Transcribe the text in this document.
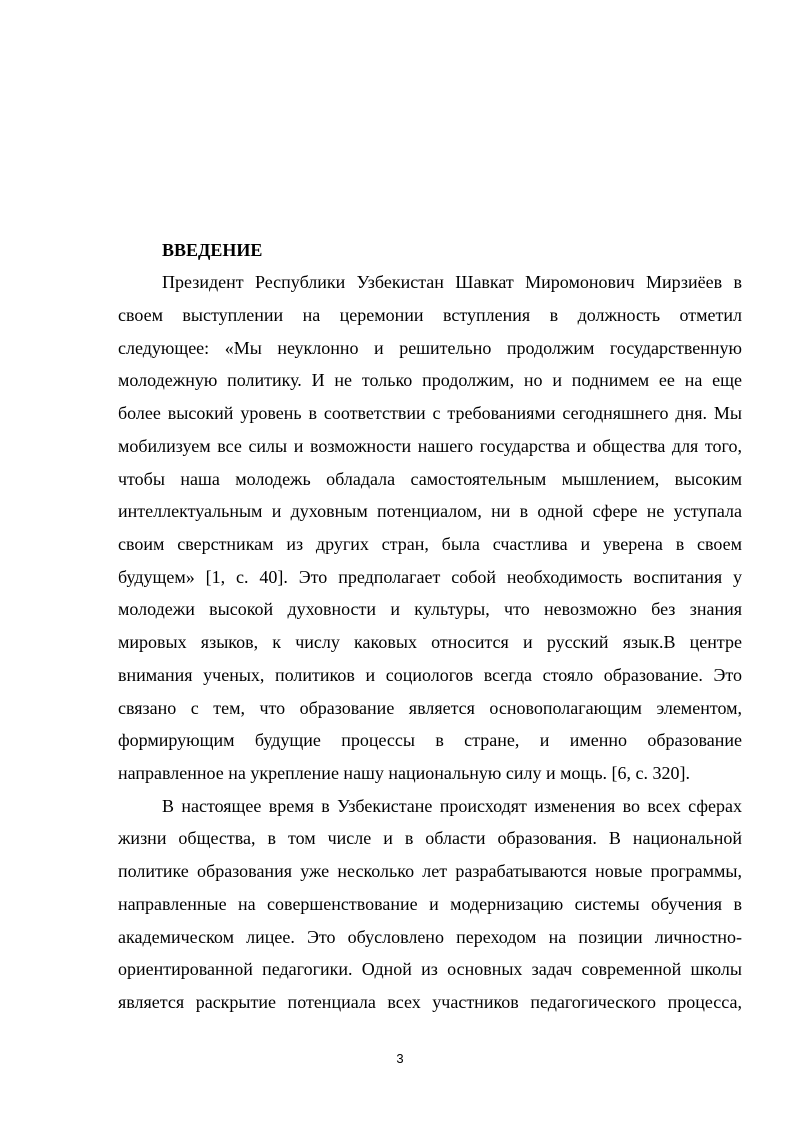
ВВЕДЕНИЕ

Президент Республики Узбекистан Шавкат Миромонович Мирзиёев в

своем выступлении на церемонии вступления в должность отметил

следующее: «Мы неуклонно и решительно продолжим государственную

молодежную политику. И не только продолжим, но и поднимем ее на еще

более высокий уровень в соответствии с требованиями сегодняшнего дня. Мы

мобилизуем все силы и возможности нашего государства и общества для того,

чтобы наша молодежь обладала самостоятельным мышлением, высоким

интеллектуальным и духовным потенциалом, ни в одной сфере не уступала

своим сверстникам из других стран, была счастлива и уверена в своем

будущем» [1, с. 40]. Это предполагает собой необходимость воспитания у

молодежи высокой духовности и культуры, что невозможно без знания

мировых языков, к числу каковых относится и русский язык.В центре

внимания ученых, политиков и социологов всегда стояло образование. Это

связано с тем, что образование является основополагающим элементом,

формирующим будущие процессы в стране, и именно образование

направленное на укрепление нашу национальную силу и мощь. [6, с. 320].

В настоящее время в Узбекистане происходят изменения во всех сферах

жизни общества, в том числе и в области образования. В национальной

политике образования уже несколько лет разрабатываются новые программы,

направленные на совершенствование и модернизацию системы обучения в

академическом лицее. Это обусловлено переходом на позиции личностно-

ориентированной педагогики. Одной из основных задач современной школы

является раскрытие потенциала всех участников педагогического процесса,

3
